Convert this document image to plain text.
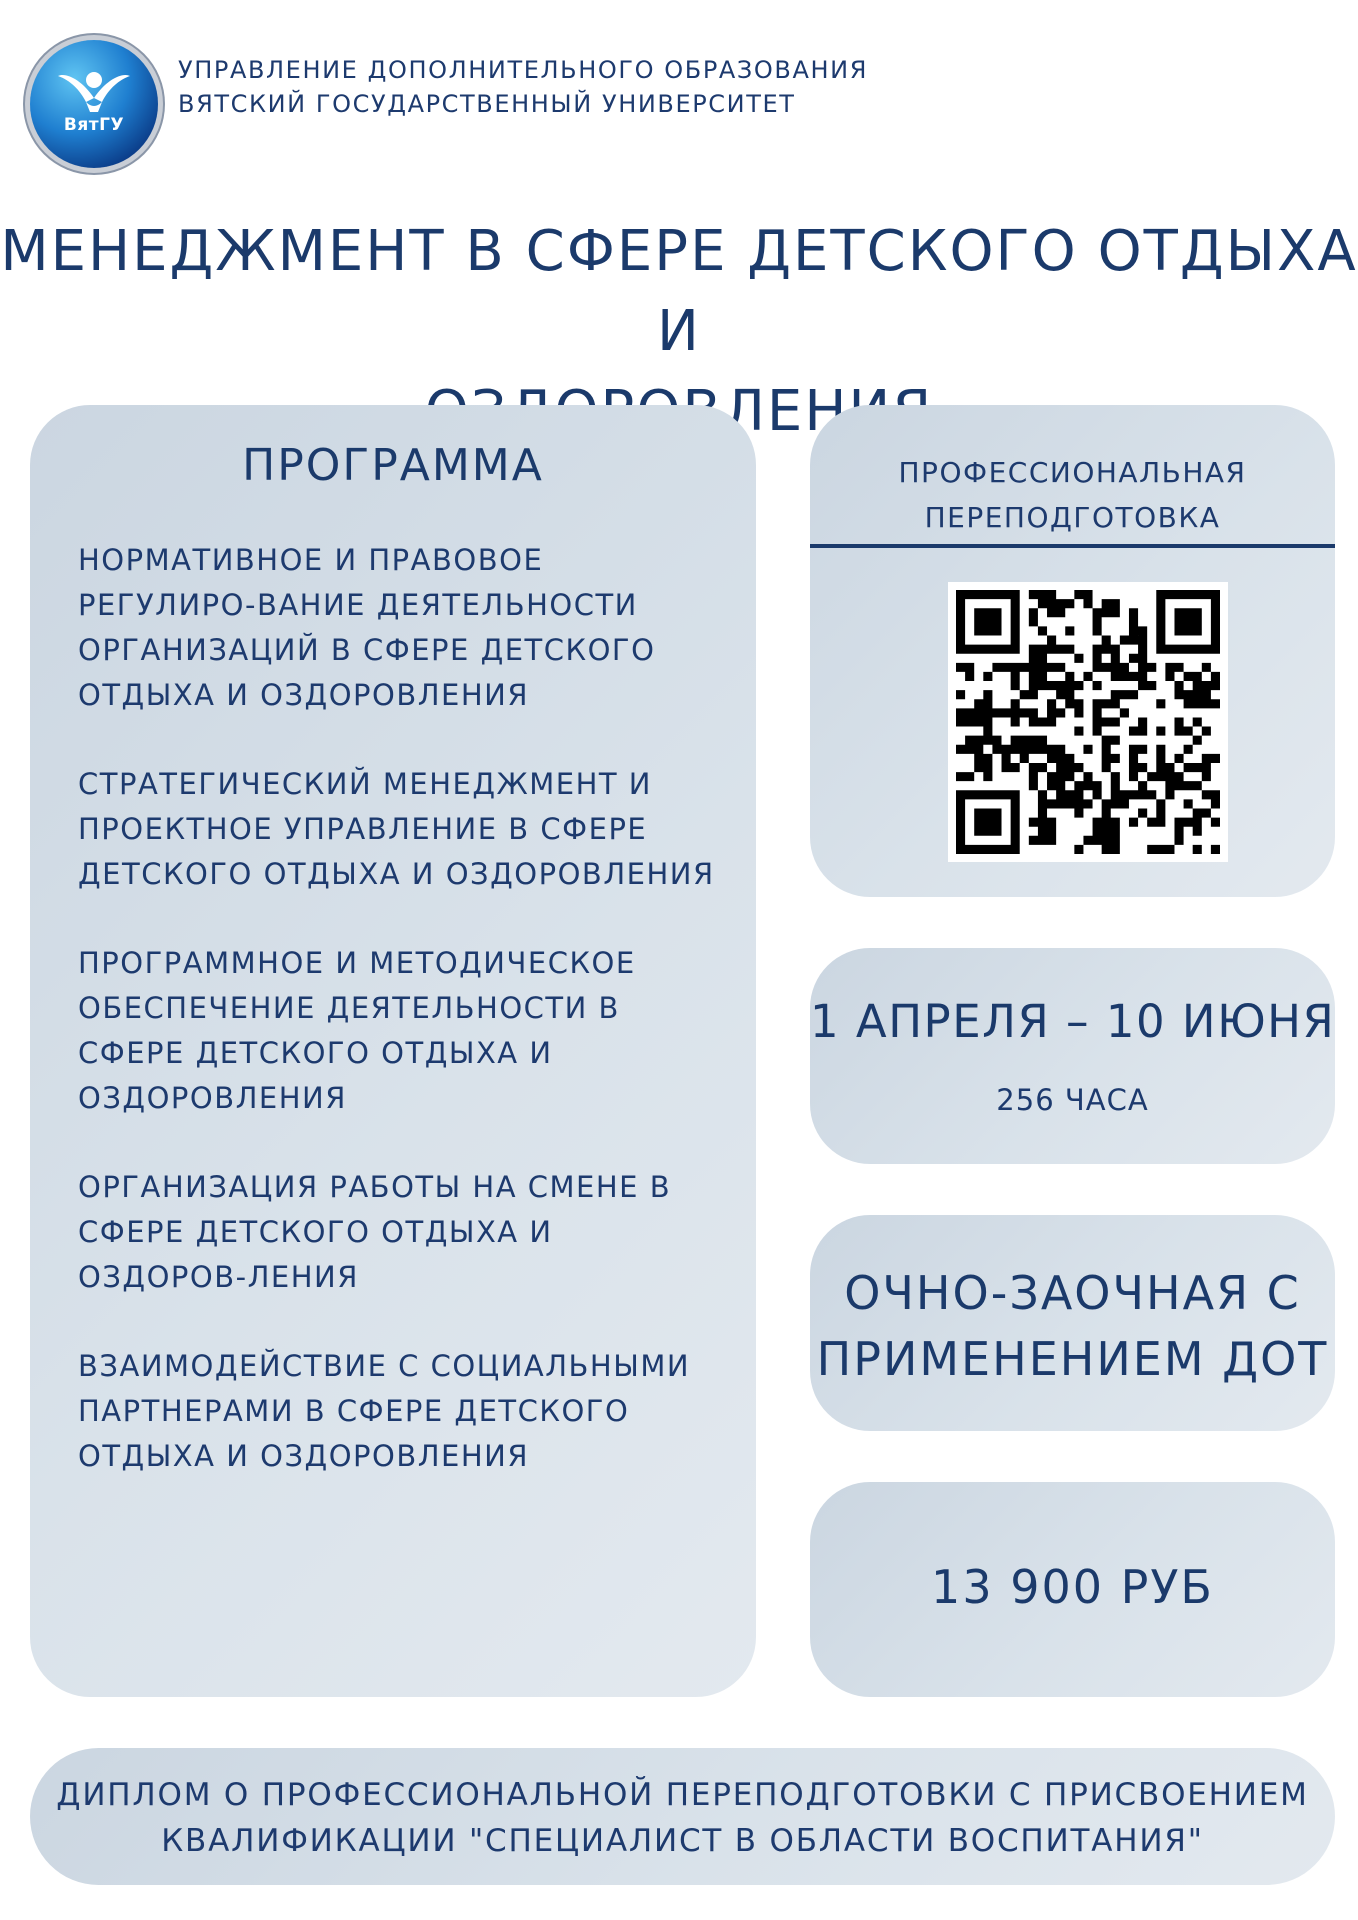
ВятГУ
УПРАВЛЕНИЕ ДОПОЛНИТЕЛЬНОГО ОБРАЗОВАНИЯ
ВЯТСКИЙ ГОСУДАРСТВЕННЫЙ УНИВЕРСИТЕТ
МЕНЕДЖМЕНТ В СФЕРЕ ДЕТСКОГО ОТДЫХА И
ПРОГРАММА
НОРМАТИВНОЕ И ПРАВОВОЕ РЕГУЛИРО-ВАНИЕ ДЕЯТЕЛЬНОСТИ ОРГАНИЗАЦИЙ В СФЕРЕ ДЕТСКОГО ОТДЫХА И ОЗДОРОВЛЕНИЯ
СТРАТЕГИЧЕСКИЙ МЕНЕДЖМЕНТ И ПРОЕКТНОЕ УПРАВЛЕНИЕ В СФЕРЕ ДЕТСКОГО ОТДЫХА И ОЗДОРОВЛЕНИЯ
ПРОГРАММНОЕ И МЕТОДИЧЕСКОЕ ОБЕСПЕЧЕНИЕ ДЕЯТЕЛЬНОСТИ В СФЕРЕ ДЕТСКОГО ОТДЫХА И ОЗДОРОВЛЕНИЯ
ОРГАНИЗАЦИЯ РАБОТЫ НА СМЕНЕ В СФЕРЕ ДЕТСКОГО ОТДЫХА И ОЗДОРОВ-ЛЕНИЯ
ВЗАИМОДЕЙСТВИЕ С СОЦИАЛЬНЫМИ ПАРТНЕРАМИ В СФЕРЕ ДЕТСКОГО ОТДЫХА И ОЗДОРОВЛЕНИЯ
ПРОФЕССИОНАЛЬНАЯ
ПЕРЕПОДГОТОВКА
1 АПРЕЛЯ – 10 ИЮНЯ
256 ЧАСА
ОЧНО-ЗАОЧНАЯ С
ПРИМЕНЕНИЕМ ДОТ
13 900 РУБ
ДИПЛОМ О ПРОФЕССИОНАЛЬНОЙ ПЕРЕПОДГОТОВКИ С ПРИСВОЕНИЕМ
КВАЛИФИКАЦИИ "СПЕЦИАЛИСТ В ОБЛАСТИ ВОСПИТАНИЯ"
